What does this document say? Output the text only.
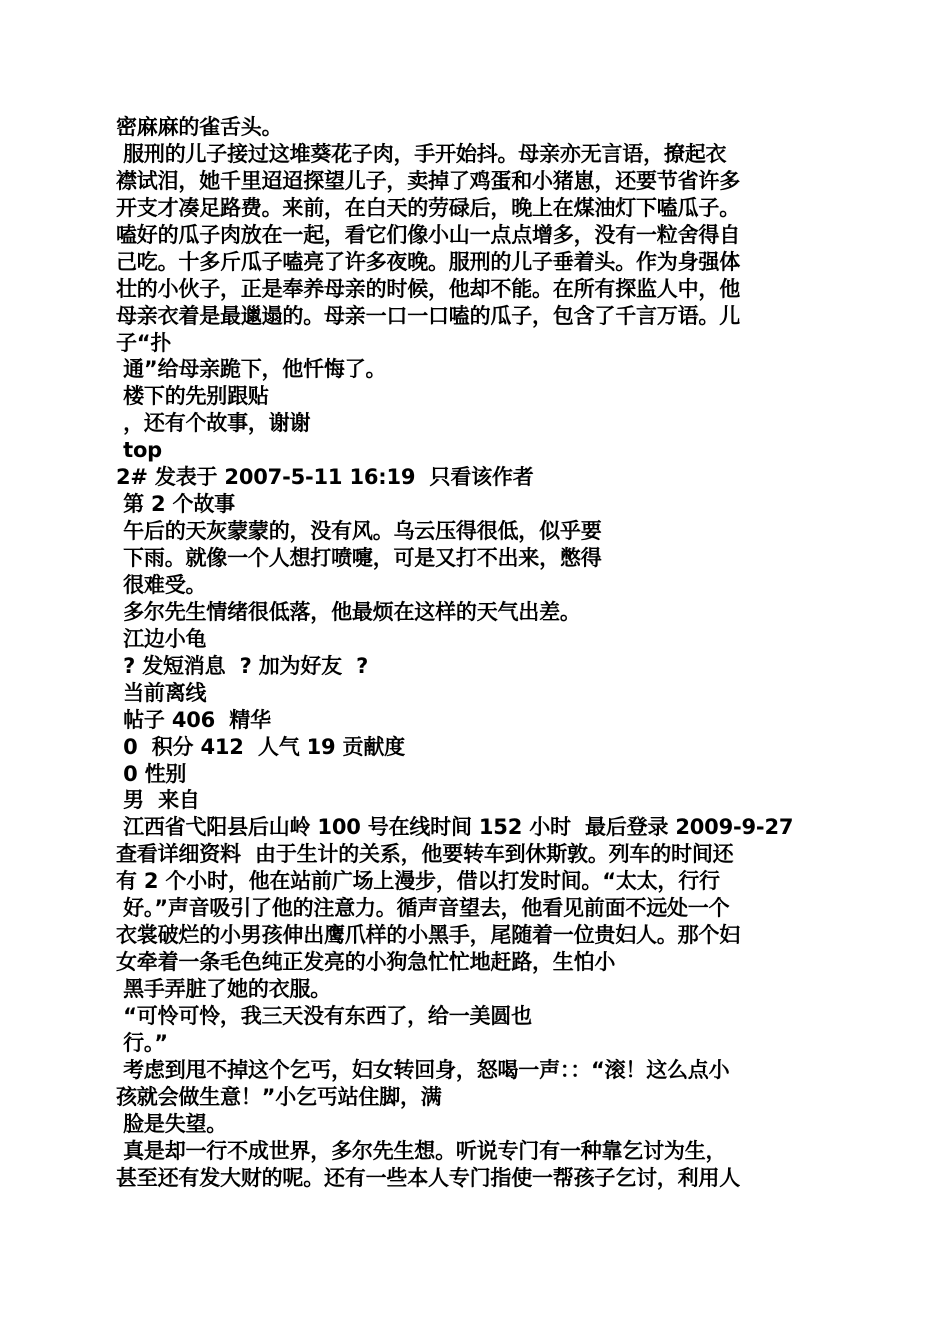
密麻麻的雀舌头。
服刑的儿子接过这堆葵花子肉，手开始抖。母亲亦无言语，撩起衣
襟试泪，她千里迢迢探望儿子，卖掉了鸡蛋和小猪崽，还要节省许多
开支才凑足路费。来前，在白天的劳碌后，晚上在煤油灯下嗑瓜子。
嗑好的瓜子肉放在一起，看它们像小山一点点增多，没有一粒舍得自
己吃。十多斤瓜子嗑亮了许多夜晚。服刑的儿子垂着头。作为身强体
壮的小伙子，正是奉养母亲的时候，他却不能。在所有探监人中，他
母亲衣着是最邋遢的。母亲一口一口嗑的瓜子，包含了千言万语。儿
子“扑
通”给母亲跪下，他忏悔了。
楼下的先别跟贴
，还有个故事，谢谢
top
2# 发表于 2007-5-11 16:19  只看该作者
第 2 个故事
午后的天灰蒙蒙的，没有风。乌云压得很低，似乎要
下雨。就像一个人想打喷嚏，可是又打不出来，憋得
很难受。
多尔先生情绪很低落，他最烦在这样的天气出差。
江边小龟
? 发短消息  ? 加为好友  ?
当前离线
帖子 406  精华
0  积分 412  人气 19 贡献度
0 性别
男  来自
江西省弋阳县后山岭 100 号在线时间 152 小时  最后登录 2009-9-27
查看详细资料  由于生计的关系，他要转车到休斯敦。列车的时间还
有 2 个小时，他在站前广场上漫步，借以打发时间。“太太，行行
好。”声音吸引了他的注意力。循声音望去，他看见前面不远处一个
衣裳破烂的小男孩伸出鹰爪样的小黑手，尾随着一位贵妇人。那个妇
女牵着一条毛色纯正发亮的小狗急忙忙地赶路，生怕小
黑手弄脏了她的衣服。
“可怜可怜，我三天没有东西了，给一美圆也
行。”
考虑到甩不掉这个乞丐，妇女转回身，怒喝一声：：“滚！这么点小
孩就会做生意！”小乞丐站住脚，满
脸是失望。
真是却一行不成世界，多尔先生想。听说专门有一种靠乞讨为生，
甚至还有发大财的呢。还有一些本人专门指使一帮孩子乞讨，利用人
